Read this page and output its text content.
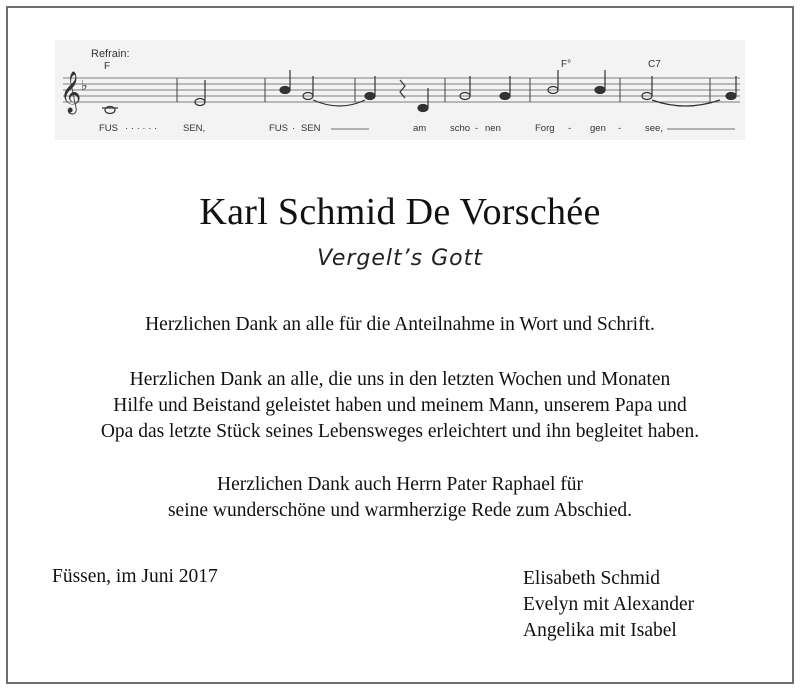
Refrain:
F	F°	C7
𝄞 ♭
FUS · · · · · ·	SEN,	FUS · SEN	am	scho - nen	Forg - gen -	see,
Karl Schmid De Vorschée
Vergelt’s Gott
Herzlichen Dank an alle für die Anteilnahme in Wort und Schrift.
Herzlichen Dank an alle, die uns in den letzten Wochen und Monaten
Hilfe und Beistand geleistet haben und meinem Mann, unserem Papa und
Opa das letzte Stück seines Lebensweges erleichtert und ihn begleitet haben.
Herzlichen Dank auch Herrn Pater Raphael für
seine wunderschöne und warmherzige Rede zum Abschied.
Füssen, im Juni 2017	Elisabeth Schmid
Evelyn mit Alexander
Angelika mit Isabel
